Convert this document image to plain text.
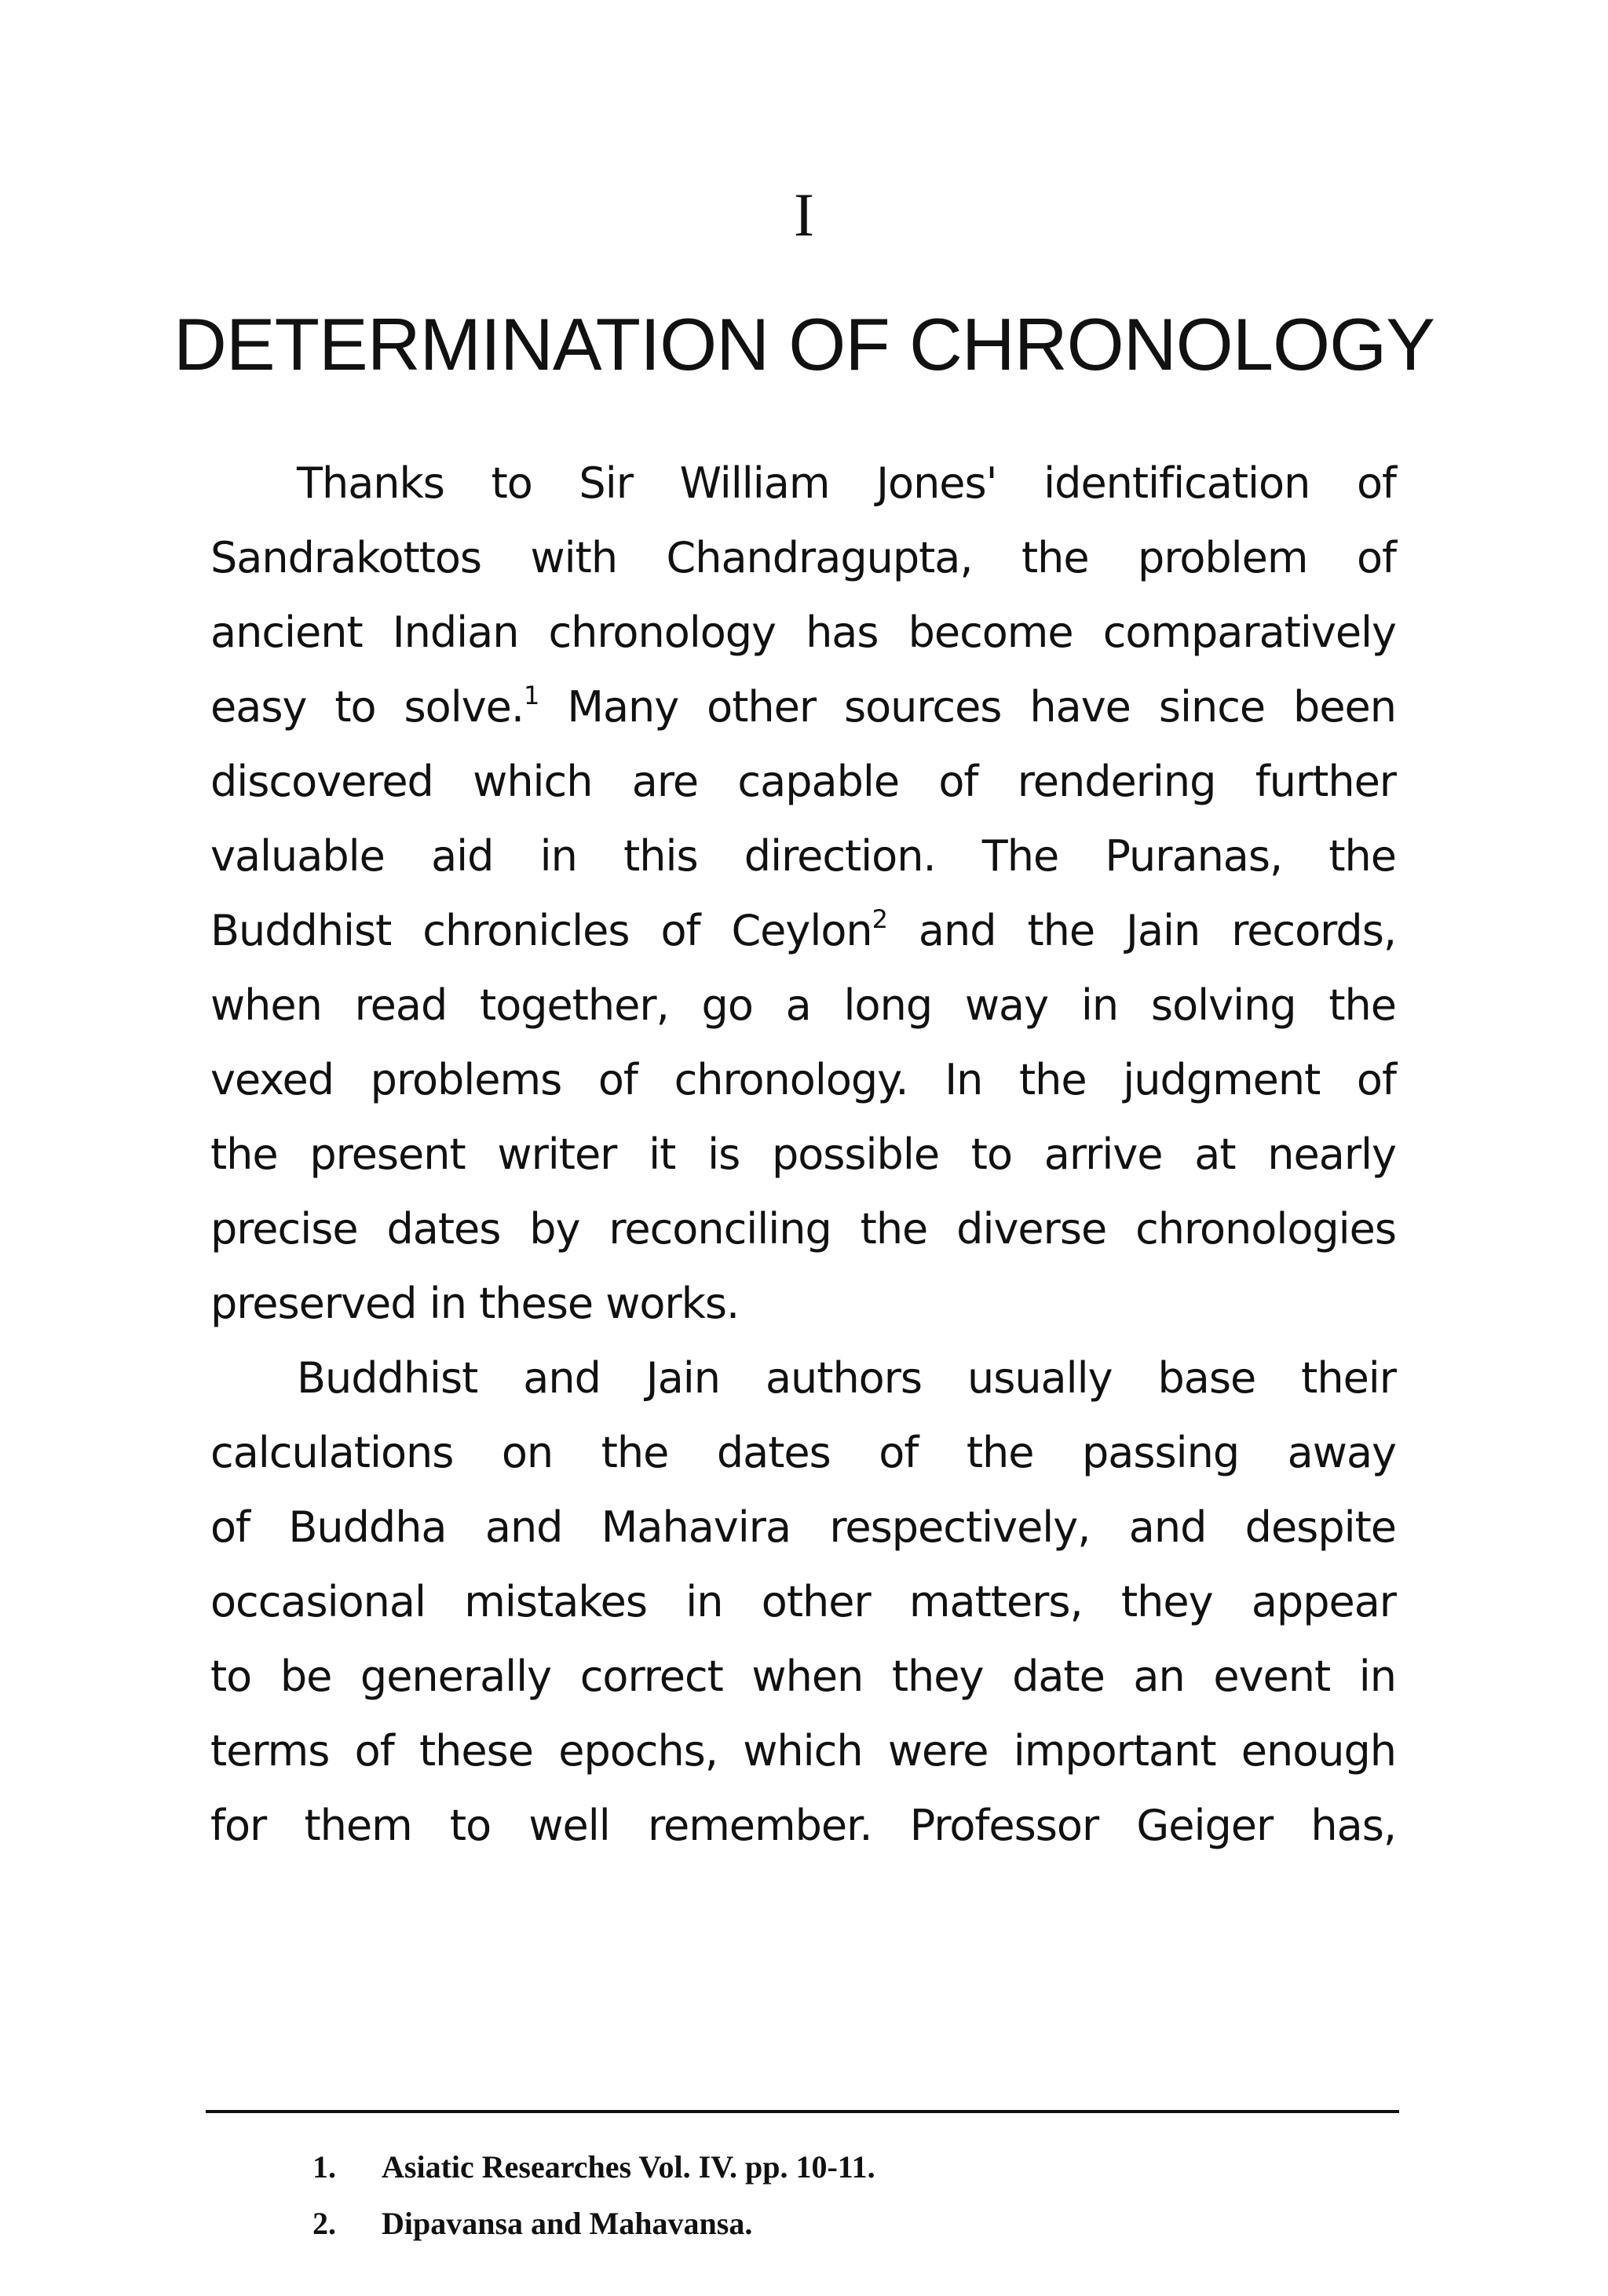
I
DETERMINATION OF CHRONOLOGY
Thanks to Sir William Jones' identification of
Sandrakottos with Chandragupta, the problem of
ancient Indian chronology has become comparatively
easy to solve.$^1$ Many other sources have since been
discovered which are capable of rendering further
valuable aid in this direction. The Puranas, the
Buddhist chronicles of Ceylon$^2$ and the Jain records,
when read together, go a long way in solving the
vexed problems of chronology. In the judgment of
the present writer it is possible to arrive at nearly
precise dates by reconciling the diverse chronologies
preserved in these works.
Buddhist and Jain authors usually base their
calculations on the dates of the passing away
of Buddha and Mahavira respectively, and despite
occasional mistakes in other matters, they appear
to be generally correct when they date an event in
terms of these epochs, which were important enough
for them to well remember. Professor Geiger has,
1. Asiatic Researches Vol. IV. pp. 10-11.
2. Dipavansa and Mahavansa.
